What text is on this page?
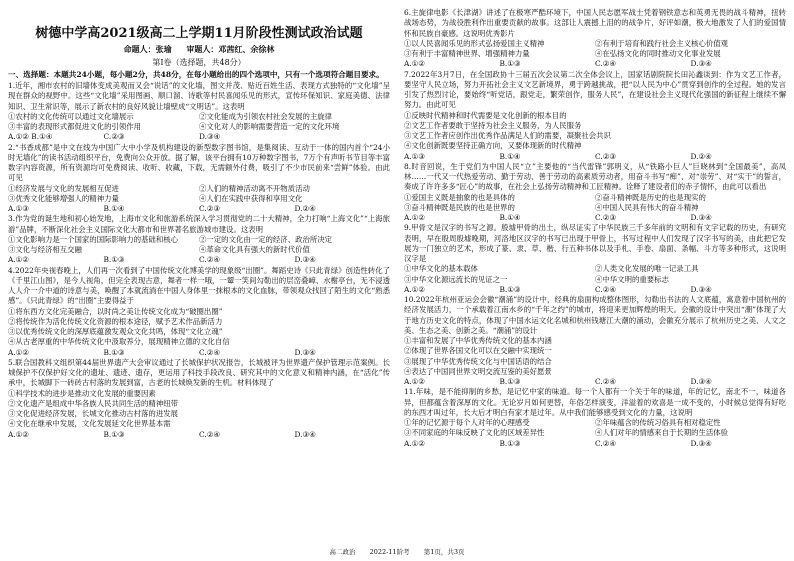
树德中学高2021级高二上学期11月阶段性测试政治试题
命题人：张瑜 审题人：邓茜红、余徐林
第Ⅰ卷（选择题，共48分）
一、选择题：本题共24小题，每小题2分，共48分，在每小题给出的四个选项中，只有一个选项符合题目要求。
1.近年，湘市农村的旧墙体变成美观而又会“说话”的文化墙，图文并茂、贴近百姓生活、表现方式独特的“文化墙”呈现在群众的视野中。这些“文化墙”采用图画、顺口溜、诗歌等村民喜闻乐见的形式，宣传环保知识、家庭美德、法律知识、卫生常识等，展示了新农村的良好风貌让墙壁成“文明话”。这表明
①农村的文化传统可以通过文化墙展示	②文化能成为引领农村社会发展的主旋律
③丰富的表现形式都促进文化的引领作用	④文化对人的影响需要营造一定的文化环境
A.①② B.①④	C.②③	D.③④
2.“书香成都”是中文在线为中国广大中小学及机构建设的新型数字图书馆，是集阅读、互动于一体的国内首个“24小时无墙化”的读书活动组织平台，免费向公众开放。据了解，该平台拥有10万种数字图书，7万个有声听书节目等丰富数字内容资源，所有资源均可免费阅读、收听、收藏，下载，无需额外付费，吸引了不少市民前来“尝鲜”体验。由此可见
①经济发展与文化的发展相互促进	②人们的精神活动离不开物质活动
③优秀文化能够增强人的精神力量	④人们在实践中获得和享用文化
A.①③	B.①④	C.②③	D.②④
3.作为党的诞生地和初心始发地，上海市文化和旅游系统深入学习贯彻党的二十大精神，全力打响“上海文化”“上海旅游”品牌，不断深化社会主义国际文化大都市和世界著名旅游城市建设。这表明
①文化影响力是一个国家的国际影响力的基础和核心	②一定的文化由一定的经济、政治所决定
③文化与经济相互交融	④革命文化具有强大的新时代价值
A.①②	B.①③	C.②④	D.③④
4.2022年央视春晚上，人们再一次看到了中国传统文化博美学的现象级“出圈”。舞蹈史诗《只此青绿》创造性转化了《千里江山图》，是今人视角，但完全表现古意，舞者一样一哦，一颦一笑间勾勒出的层峦叠嶂、水榭亭台，无不浸透人人介一介中道的诗意与美，唤醒了本就流淌在中国人身体里一抹根本的文化血脉，带领观众找回了陌生的文化“熟悉感”。《只此青绿》的“出圈”主要得益于
①将东西方文化完美融合，以时尚之美让传统文化成为“破圈出圈”
②将传统作为活化传统文化资源的根本途径，赋予艺术作品新活力
③以优秀传统文化的深厚底蕴激发观众文化共鸣，体现“文化立魂”
④从古老厚重的中华传统文化中汲取养分，展现精神立德的文化自信
A.①②	B.①③	C.②④	D.③④
5.联合国教科文组织第44届世界遗产大会审议通过了长城保护状况报告，长城被评为世界遗产保护管理示范案例。长城保护不仅保护好文化的遗址、遗迹、遗存，更运用了科技手段改良、研究其中的文化意义和精神内涵，在“活化”传承中，长城脚下一砖砖古村落的发展到富，古老的长城焕发新的生机。材料体现了
①科学技术的进步是推动文化发展的重要因素
②文化遗产是组成中华各族人民共同生活的精神纽带
③文化促进经济发展，长城文化推动古村落的进发展
④文化在继承中发展，文化发展延文化世界基本需
A.①②	B.①③	C.②④	D.③④
6.主旋律电影《长津湖》讲述了在极寒严酷环境下，中国人民志愿军战士凭着钢铁意志和英勇无畏的战斗精神，扭转战场态势，为战役胜利作出重要贡献的故事。这部让人震撼上泪的的战争片，好评如潮，极大地激发了人们的爱国情怀和民族自豪感。这说明优秀影片
①以人民喜闻乐见的形式弘扬爱国主义精神	②有利于培育和践行社会主义核心价值观
③有利于丰富精神世界、增强精神力量	④在弘扬文化的同时推动文化事业发展
A.①②	B.①③	C.②④	D.③④
7.2022年3月7日，在全国政协十三届五次会议第二次全体会议上，国家话剧院院长田沁鑫谈到：作为文艺工作者，要坚守人民立场，努力开拓社会主义文艺新境界，勇于跨越挑战，把“以人民为中心”贯穿到创作的全过程。她的发言引发了热烈讨论，要始终“听党话，跟党走，繁荣创作，服务人民”，在建设社会主义现代化强国的新征程上继续不懈努力。由此可见
①反映时代精神和时代需要是文化创新的根本目的
②文艺工作者要敢于坚持为社会主义服务，为人民服务
③文艺工作者应创作出优秀作品满足人们的需要，凝聚社会共识
④文化创新既要坚持正确方向，又要体现新的时代精神
A.①③	B.①④	C.②③	D.②④
8.时音回说，生于党们为中国人民“立”主要他的“当代雷锋”郭明义，从“铁路小巨人”巨晓林到“全国最美”，高凤林……一代又一代热爱劳动、勤于劳动、善于劳动的高素质劳动者，用奋斗书写“痴”、对“崇劳”、对“实干”的誓言，奏成了许许多多“匠心”的故事，在社会上弘扬劳动精神和工匠精神。诠释了建设者们的赤子情怀，由此可以看出
①爱国主义既是抽象的也是具体的	②奋斗精神既是历史的也是现实的
③奋斗精神既是民族的也是世界的	④中国人民具有伟大的奋斗精神
A.①②	B.①④	C.②③	D.③④
9.甲骨文是汉字的书写之源。殷墟甲骨的出土，纵尽证实了中华民族三千多年前的文明和有文字记载的历史，有研究表明，早在殷周殷墟晚期，河洛地区汉字的书写已出现于甲骨上，书写过程中人们发现了汉字书写的美，由此把它发展为一门独立的艺术，形成了篆、隶、草、楷、行五种书体以及手札、手卷、扇面、条幅、斗方等多种形式，这说明汉字是
①中华文化的基本载体	②人类文化发展的唯一记录工具
③中华文化源远流长的见证之一	④中华文明的重要标志
A.①②	B.①③	C.②④	D.③④
10.2022年杭州亚运会会徽“潮涌”的设计中，经典的扇面构成整体图形，勾勒出书法的人文底蕴，寓意着中国杭州的经济发展活力，一个承载着江南水乡的“千年之约”的城市，将迎来更加辉煌的明天。会徽的设计中突出“潮”体现了大于地方历史文化的特点，体现了中国水运文化名城和杭州钱塘江大潮的涌动，会徽充分展示了杭州历史之美、人文之美、生态之美、创新之美。“潮涌”的设计
①丰富和发展了中华优秀传统文化的基本内涵
②体现了世界各国文化可以在交融中实现统一
③展现了中华优秀传统文化与中国话语的结合
④表达了中国同世界文明交流互鉴的美好愿景
A.①②	B.①③	C.②④	D.③④
11.年味，是不能抑制的乡愁，是记忆中家的味道。每一个人都有一个关于年的味道，年的记忆，南北不一，味道各异，但都蕴含着深厚的文化。无论岁月如何更替，年俗怎样演变，洋溢着的欢喜是一成不变的，小时候总觉得有好吃的东西才叫过年，长大后才明白有家才是过年。从中我们能够感受到文化的力量，这说明
①年的记忆源于每个人对年的心理感受	②年味蕴含的传统习俗具有相对稳定性
③不同家庭的年味反映了文化的区域差异性	④人们对年的情感来自于长期的生活体验
A.①②	B.①③	C.②④	D.③④
高二政治 2022-11阶考 第1页，共3页
